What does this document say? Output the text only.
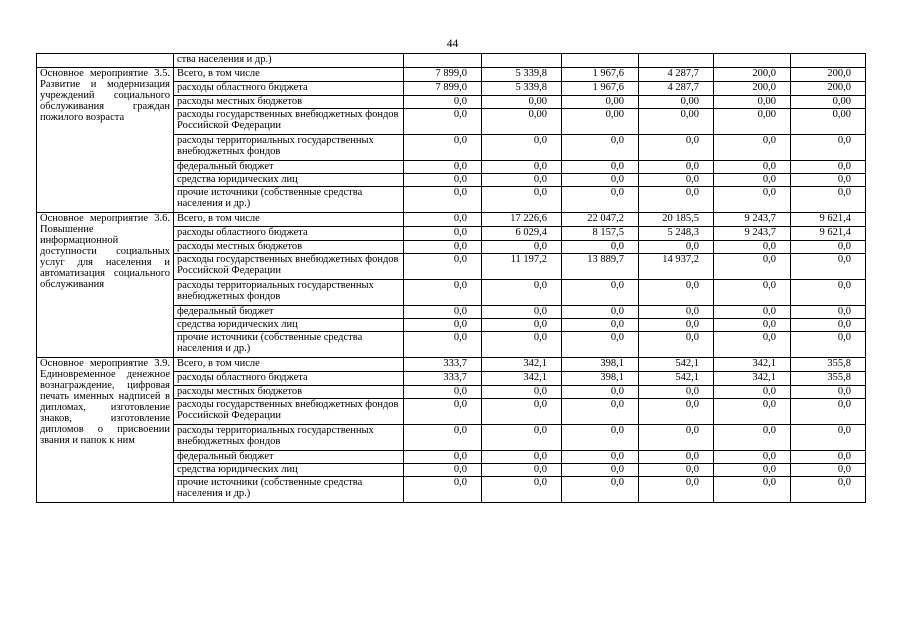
44
	ства населения и др.)						
Основное мероприятие 3.5. Развитие и модернизация учреждений социального обслуживания граждан пожилого возраста	Всего, в том числе	7 899,0	5 339,8	1 967,6	4 287,7	200,0	200,0
	расходы областного бюджета	7 899,0	5 339,8	1 967,6	4 287,7	200,0	200,0
	расходы местных бюджетов	0,0	0,00	0,00	0,00	0,00	0,00
	расходы государственных внебюджетных фондов Российской Федерации	0,0	0,00	0,00	0,00	0,00	0,00
	расходы территориальных государственных внебюджетных фондов	0,0	0,0	0,0	0,0	0,0	0,0
	федеральный бюджет	0,0	0,0	0,0	0,0	0,0	0,0
	средства юридических лиц	0,0	0,0	0,0	0,0	0,0	0,0
	прочие источники (собственные средства населения и др.)	0,0	0,0	0,0	0,0	0,0	0,0
Основное мероприятие 3.6. Повышение информационной доступности социальных услуг для населения и автоматизация социального обслуживания	Всего, в том числе	0,0	17 226,6	22 047,2	20 185,5	9 243,7	9 621,4
	расходы областного бюджета	0,0	6 029,4	8 157,5	5 248,3	9 243,7	9 621,4
	расходы местных бюджетов	0,0	0,0	0,0	0,0	0,0	0,0
	расходы государственных внебюджетных фондов Российской Федерации	0,0	11 197,2	13 889,7	14 937,2	0,0	0,0
	расходы территориальных государственных внебюджетных фондов	0,0	0,0	0,0	0,0	0,0	0,0
	федеральный бюджет	0,0	0,0	0,0	0,0	0,0	0,0
	средства юридических лиц	0,0	0,0	0,0	0,0	0,0	0,0
	прочие источники (собственные средства населения и др.)	0,0	0,0	0,0	0,0	0,0	0,0
Основное мероприятие 3.9. Единовременное денежное вознаграждение, цифровая печать именных надписей в дипломах, изготовление знаков, изготовление дипломов о присвоении звания и папок к ним	Всего, в том числе	333,7	342,1	398,1	542,1	342,1	355,8
	расходы областного бюджета	333,7	342,1	398,1	542,1	342,1	355,8
	расходы местных бюджетов	0,0	0,0	0,0	0,0	0,0	0,0
	расходы государственных внебюджетных фондов Российской Федерации	0,0	0,0	0,0	0,0	0,0	0,0
	расходы территориальных государственных внебюджетных фондов	0,0	0,0	0,0	0,0	0,0	0,0
	федеральный бюджет	0,0	0,0	0,0	0,0	0,0	0,0
	средства юридических лиц	0,0	0,0	0,0	0,0	0,0	0,0
	прочие источники (собственные средства населения и др.)	0,0	0,0	0,0	0,0	0,0	0,0
